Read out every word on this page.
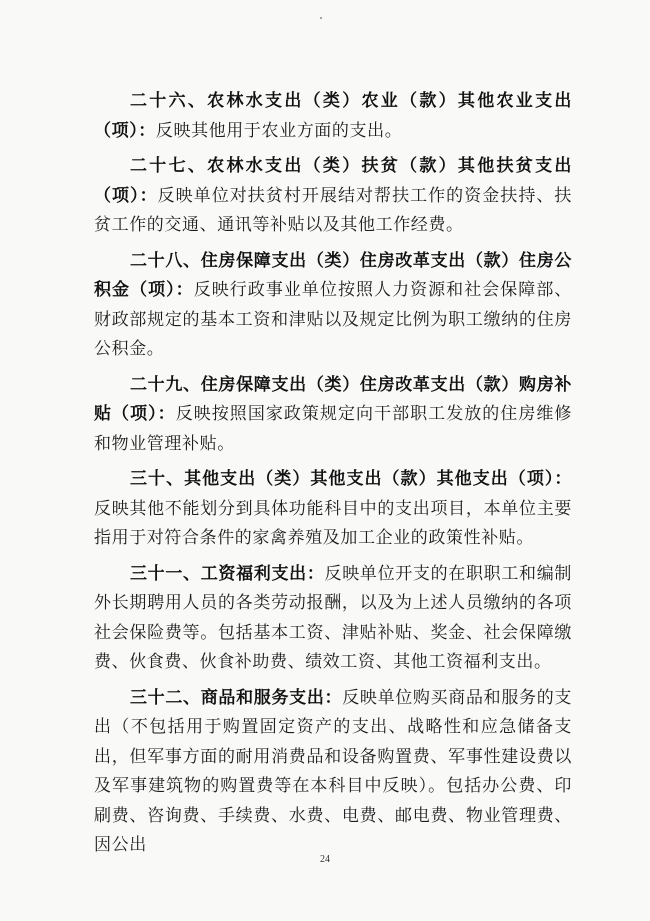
二十六、农林水支出（类）农业（款）其他农业支出（项）：反映其他用于农业方面的支出。

二十七、农林水支出（类）扶贫（款）其他扶贫支出（项）：反映单位对扶贫村开展结对帮扶工作的资金扶持、扶贫工作的交通、通讯等补贴以及其他工作经费。

二十八、住房保障支出（类）住房改革支出（款）住房公积金（项）：反映行政事业单位按照人力资源和社会保障部、财政部规定的基本工资和津贴以及规定比例为职工缴纳的住房公积金。

二十九、住房保障支出（类）住房改革支出（款）购房补贴（项）：反映按照国家政策规定向干部职工发放的住房维修和物业管理补贴。

三十、其他支出（类）其他支出（款）其他支出（项）：反映其他不能划分到具体功能科目中的支出项目，本单位主要指用于对符合条件的家禽养殖及加工企业的政策性补贴。

三十一、工资福利支出：反映单位开支的在职职工和编制外长期聘用人员的各类劳动报酬，以及为上述人员缴纳的各项社会保险费等。包括基本工资、津贴补贴、奖金、社会保障缴费、伙食费、伙食补助费、绩效工资、其他工资福利支出。

三十二、商品和服务支出：反映单位购买商品和服务的支出（不包括用于购置固定资产的支出、战略性和应急储备支出，但军事方面的耐用消费品和设备购置费、军事性建设费以及军事建筑物的购置费等在本科目中反映）。包括办公费、印刷费、咨询费、手续费、水费、电费、邮电费、物业管理费、因公出

24
